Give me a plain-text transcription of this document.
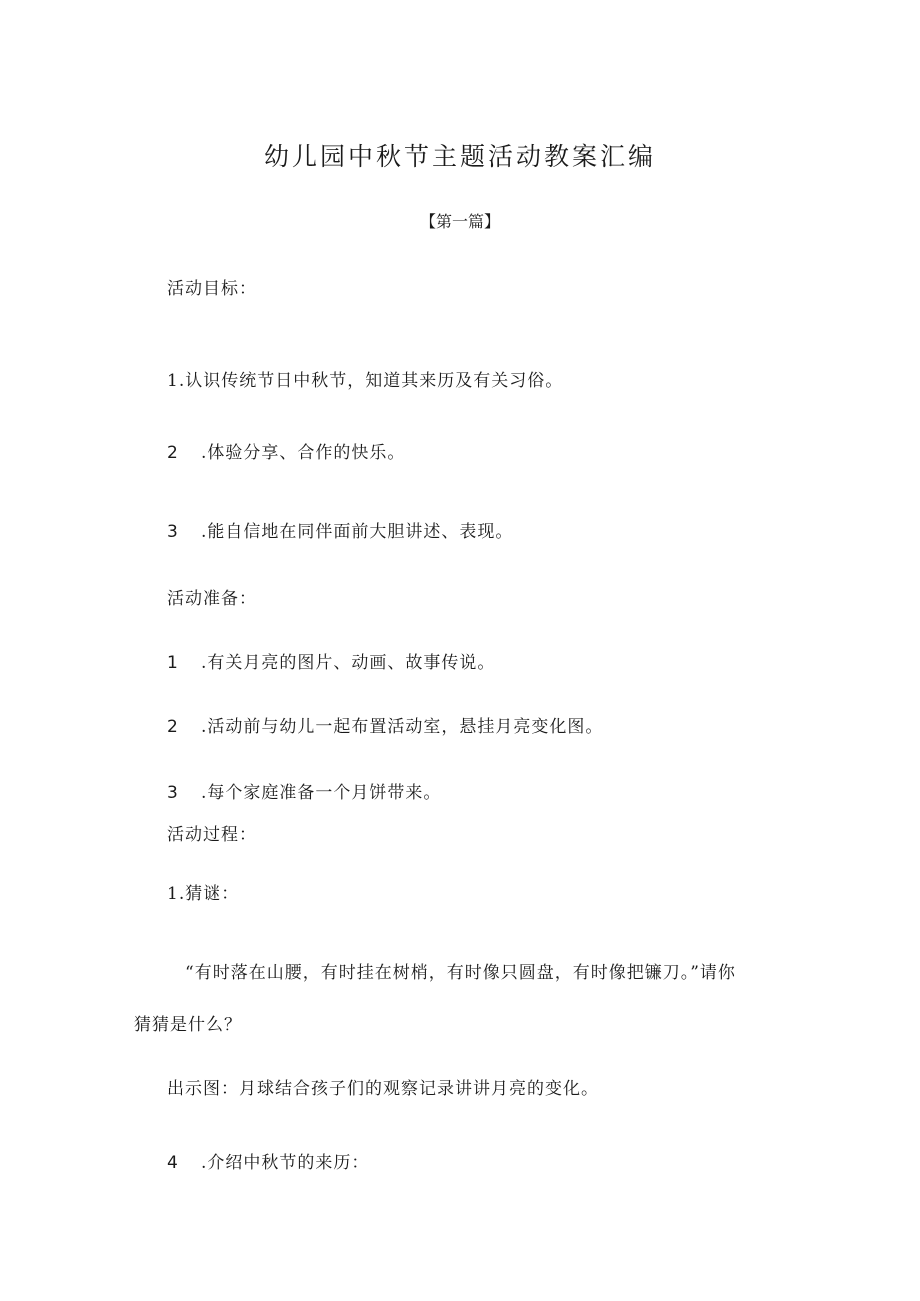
幼儿园中秋节主题活动教案汇编
【第一篇】
活动目标：
1.认识传统节日中秋节，知道其来历及有关习俗。
2 .体验分享、合作的快乐。
3 .能自信地在同伴面前大胆讲述、表现。
活动准备：
1 .有关月亮的图片、动画、故事传说。
2 .活动前与幼儿一起布置活动室，悬挂月亮变化图。
3 .每个家庭准备一个月饼带来。
活动过程：
1.猜谜：
“有时落在山腰，有时挂在树梢，有时像只圆盘，有时像把镰刀。”请你
猜猜是什么？
出示图：月球结合孩子们的观察记录讲讲月亮的变化。
4 .介绍中秋节的来历：
